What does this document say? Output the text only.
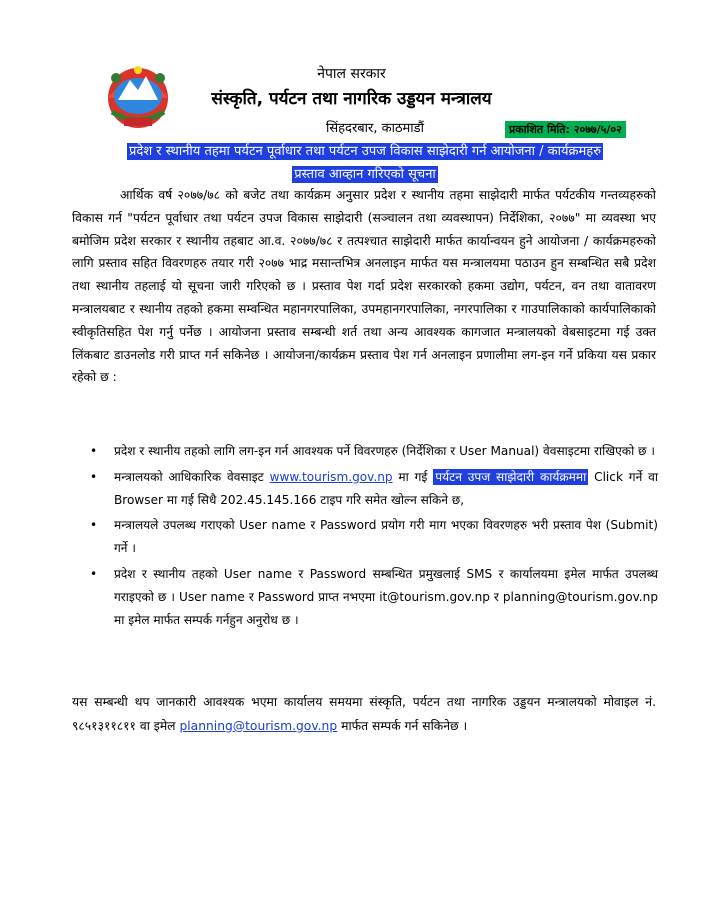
नेपाल सरकार
संस्कृति, पर्यटन तथा नागरिक उड्डयन मन्त्रालय
सिंहदरबार, काठमाडौं	प्रकाशित मिति: २०७७/५/०२
प्रदेश र स्थानीय तहमा पर्यटन पूर्वाधार तथा पर्यटन उपज विकास साझेदारी गर्न आयोजना / कार्यक्रमहरु
प्रस्ताव आव्हान गरिएको सूचना
आर्थिक वर्ष २०७७/७८ को बजेट तथा कार्यक्रम अनुसार प्रदेश र स्थानीय तहमा साझेदारी मार्फत पर्यटकीय गन्तव्यहरुको विकास गर्न "पर्यटन पूर्वाधार तथा पर्यटन उपज विकास साझेदारी (सञ्चालन तथा व्यवस्थापन) निर्देशिका, २०७७" मा व्यवस्था भए बमोजिम प्रदेश सरकार र स्थानीय तहबाट आ.व. २०७७/७८ र तत्पश्चात साझेदारी मार्फत कार्यान्वयन हुने आयोजना / कार्यक्रमहरुको लागि प्रस्ताव सहित विवरणहरु तयार गरी २०७७ भाद्र मसान्तभित्र अनलाइन मार्फत यस मन्त्रालयमा पठाउन हुन सम्बन्धित सबै प्रदेश तथा स्थानीय तहलाई यो सूचना जारी गरिएको छ । प्रस्ताव पेश गर्दा प्रदेश सरकारको हकमा उद्योग, पर्यटन, वन तथा वातावरण मन्त्रालयबाट र स्थानीय तहको हकमा सम्वन्धित महानगरपालिका, उपमहानगरपालिका, नगरपालिका र गाउपालिकाको कार्यपालिकाको स्वीकृतिसहित पेश गर्नु पर्नेछ । आयोजना प्रस्ताव सम्बन्धी शर्त तथा अन्य आवश्यक कागजात मन्त्रालयको वेबसाइटमा गई उक्त लिंकबाट डाउनलोड गरी प्राप्त गर्न सकिनेछ । आयोजना/कार्यक्रम प्रस्ताव पेश गर्न अनलाइन प्रणालीमा लग-इन गर्ने प्रकिया यस प्रकार रहेको छ :
• प्रदेश र स्थानीय तहको लागि लग-इन गर्न आवश्यक पर्ने विवरणहरु (निर्देशिका र User Manual) वेवसाइटमा राखिएको छ ।
• मन्त्रालयको आधिकारिक वेवसाइट www.tourism.gov.np मा गई पर्यटन उपज साझेदारी कार्यक्रममा Click गर्ने वा Browser मा गई सिधै 202.45.145.166 टाइप गरि समेत खोल्न सकिने छ,
• मन्त्रालयले उपलब्ध गराएको User name र Password प्रयोग गरी माग भएका विवरणहरु भरी प्रस्ताव पेश (Submit) गर्ने ।
• प्रदेश र स्थानीय तहको User name र Password सम्बन्धित प्रमुखलाई SMS र कार्यालयमा इमेल मार्फत उपलब्ध गराइएको छ । User name र Password प्राप्त नभएमा it@tourism.gov.np र planning@tourism.gov.np मा इमेल मार्फत सम्पर्क गर्नहुन अनुरोध छ ।
यस सम्बन्धी थप जानकारी आवश्यक भएमा कार्यालय समयमा संस्कृति, पर्यटन तथा नागरिक उड्डयन मन्त्रालयको मोवाइल नं. ९८५१३११८११ वा इमेल planning@tourism.gov.np मार्फत सम्पर्क गर्न सकिनेछ ।
